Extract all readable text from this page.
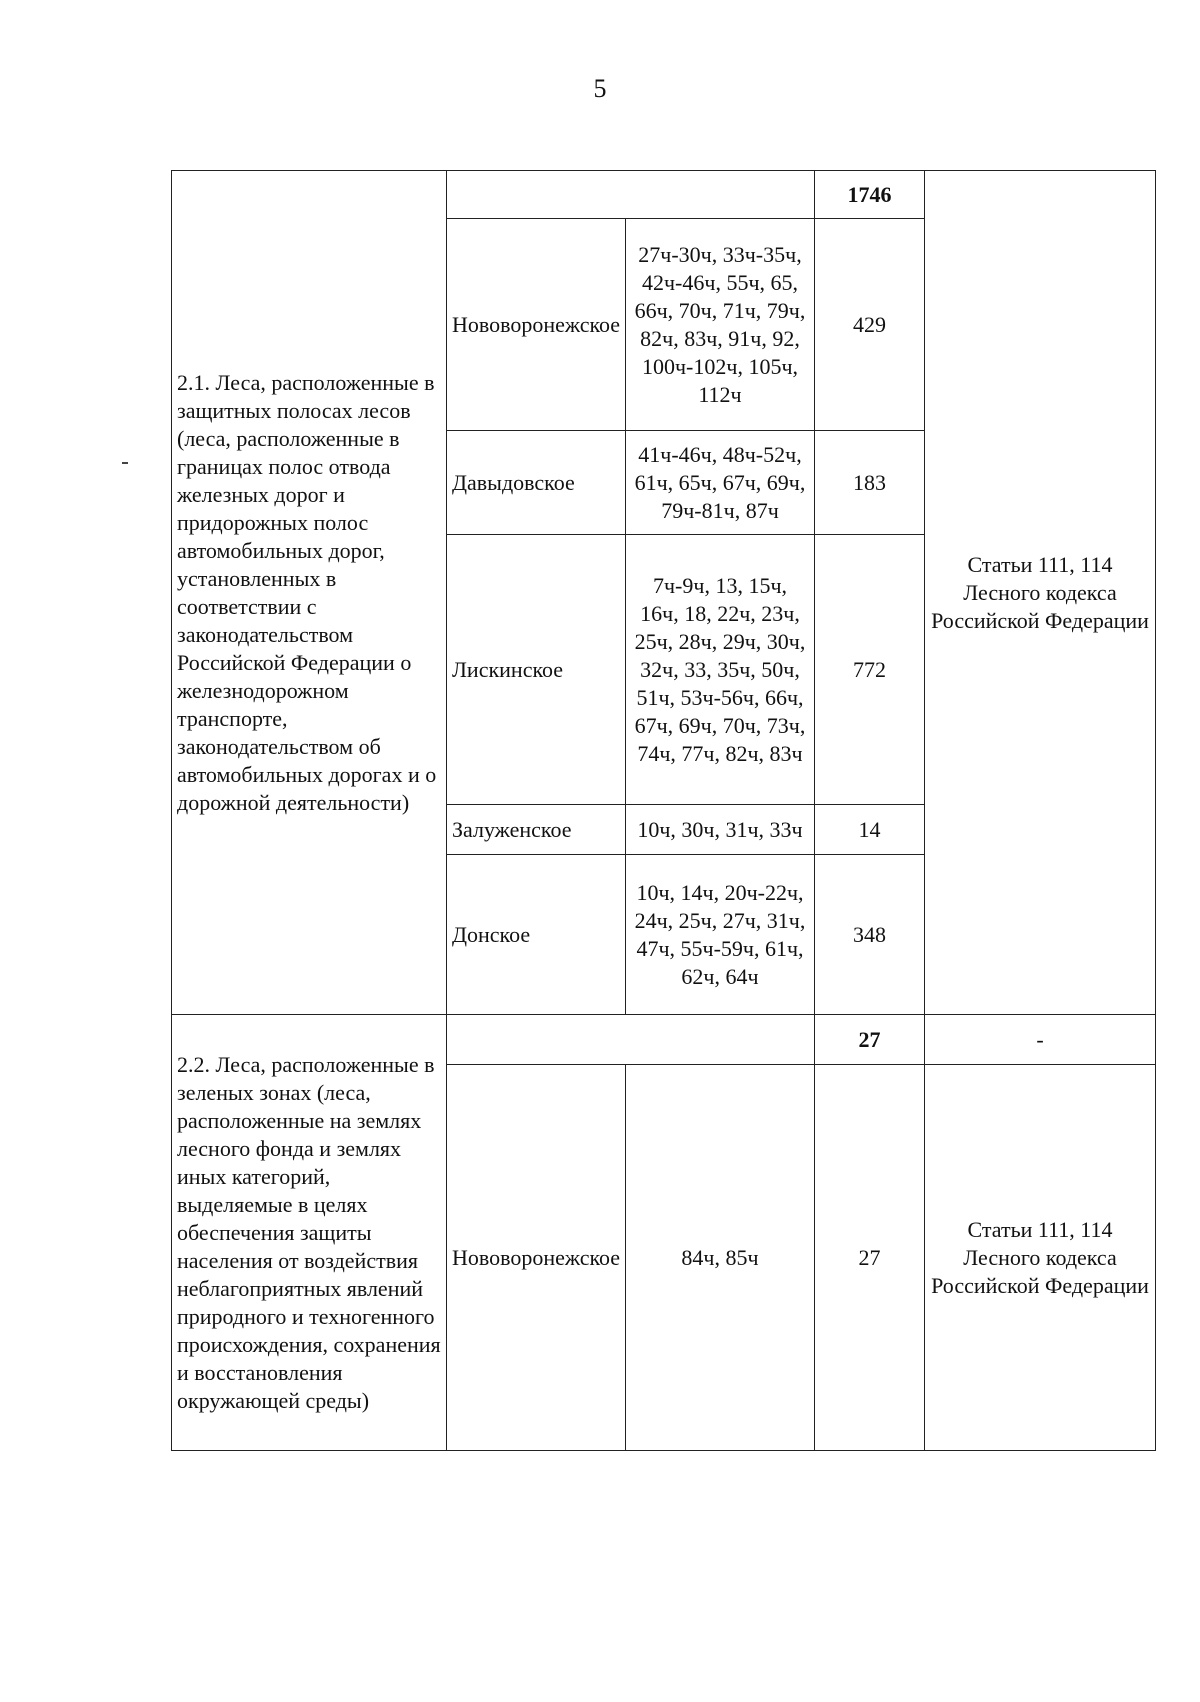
5
2.1. Леса, расположенные в защитных полосах лесов (леса, расположенные в границах полос отвода железных дорог и придорожных полос автомобильных дорог, установленных в соответствии с законодательством Российской Федерации о железнодорожном транспорте, законодательством об автомобильных дорогах и о дорожной деятельности)			1746	Статьи 111, 114 Лесного кодекса Российской Федерации
	Нововоронежское	27ч-30ч, 33ч-35ч, 42ч-46ч, 55ч, 65, 66ч, 70ч, 71ч, 79ч, 82ч, 83ч, 91ч, 92, 100ч-102ч, 105ч, 112ч	429	
	Давыдовское	41ч-46ч, 48ч-52ч, 61ч, 65ч, 67ч, 69ч, 79ч-81ч, 87ч	183	
	Лискинское	7ч-9ч, 13, 15ч, 16ч, 18, 22ч, 23ч, 25ч, 28ч, 29ч, 30ч, 32ч, 33, 35ч, 50ч, 51ч, 53ч-56ч, 66ч, 67ч, 69ч, 70ч, 73ч, 74ч, 77ч, 82ч, 83ч	772	
	Залуженское	10ч, 30ч, 31ч, 33ч	14	
	Донское	10ч, 14ч, 20ч-22ч, 24ч, 25ч, 27ч, 31ч, 47ч, 55ч-59ч, 61ч, 62ч, 64ч	348	
2.2. Леса, расположенные в зеленых зонах (леса, расположенные на землях лесного фонда и землях иных категорий, выделяемые в целях обеспечения защиты населения от воздействия неблагоприятных явлений природного и техногенного происхождения, сохранения и восстановления окружающей среды)			27	-
	Нововоронежское	84ч, 85ч	27	Статьи 111, 114 Лесного кодекса Российской Федерации
